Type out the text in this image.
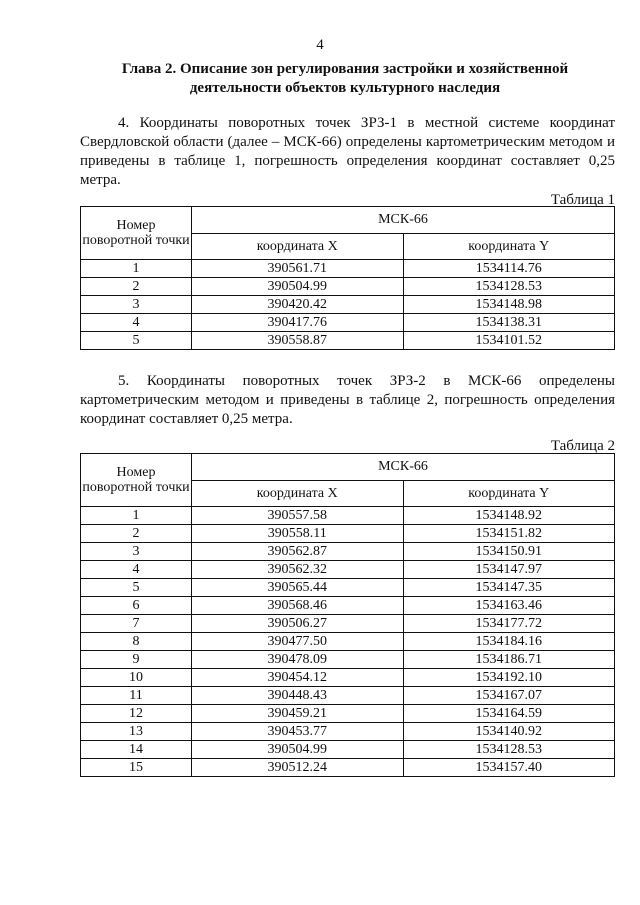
4
Глава 2. Описание зон регулирования застройки и хозяйственной деятельности объектов культурного наследия

4. Координаты поворотных точек ЗРЗ-1 в местной системе координат Свердловской области (далее – МСК-66) определены картометрическим методом и приведены в таблице 1, погрешность определения координат составляет 0,25 метра.

Таблица 1
Номер поворотной точки	МСК-66	
	координата X	координата Y
1	390561.71	1534114.76
2	390504.99	1534128.53
3	390420.42	1534148.98
4	390417.76	1534138.31
5	390558.87	1534101.52

5. Координаты поворотных точек ЗРЗ-2 в МСК-66 определены картометрическим методом и приведены в таблице 2, погрешность определения координат составляет 0,25 метра.

Таблица 2
Номер поворотной точки	МСК-66	
	координата X	координата Y
1	390557.58	1534148.92
2	390558.11	1534151.82
3	390562.87	1534150.91
4	390562.32	1534147.97
5	390565.44	1534147.35
6	390568.46	1534163.46
7	390506.27	1534177.72
8	390477.50	1534184.16
9	390478.09	1534186.71
10	390454.12	1534192.10
11	390448.43	1534167.07
12	390459.21	1534164.59
13	390453.77	1534140.92
14	390504.99	1534128.53
15	390512.24	1534157.40
